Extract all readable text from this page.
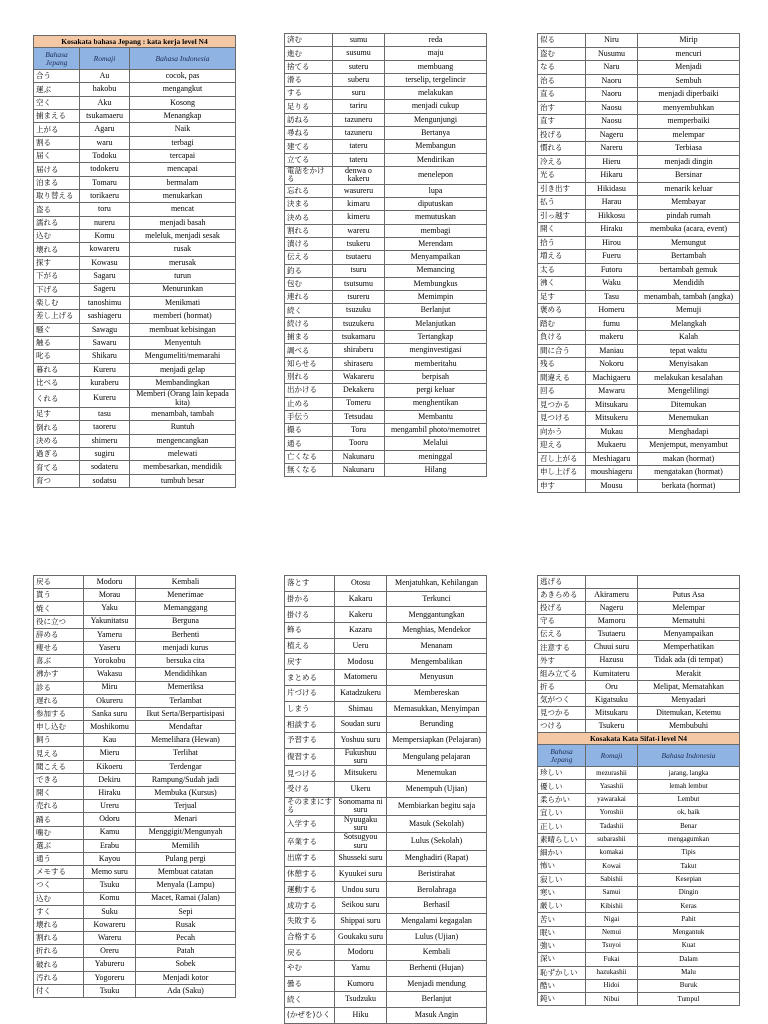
Kosakata bahasa Jepang : kata kerja level N4		
Bahasa Jepang	Romaji	Bahasa Indonesia
合う	Au	cocok, pas
運ぶ	hakobu	mengangkut
空く	Aku	Kosong
捕まえる	tsukamaeru	Menangkap
上がる	Agaru	Naik
割る	waru	terbagi
届く	Todoku	tercapai
届ける	todokeru	mencapai
泊まる	Tomaru	bermalam
取り替える	torikaeru	menukarkan
盗る	toru	mencat
濡れる	nureru	menjadi basah
込む	Komu	meleluk, menjadi sesak
壊れる	kowareru	rusak
探す	Kowasu	merusak
下がる	Sagaru	turun
下げる	Sageru	Menurunkan
楽しむ	tanoshimu	Menikmati
差し上げる	sashiageru	memberi (hormat)
騒ぐ	Sawagu	membuat kebisingan
触る	Sawaru	Menyentuh
叱る	Shikaru	Mengumeliti/memarahi
暮れる	Kureru	menjadi gelap
比べる	kuraberu	Membandingkan
くれる	Kureru	Memberi (Orang lain kepada kita)
足す	tasu	menambah, tambah
倒れる	taoreru	Runtuh
決める	shimeru	mengencangkan
過ぎる	sugiru	melewati
育てる	sodateru	membesarkan, mendidik
育つ	sodatsu	tumbuh besar
済む	sumu	reda
進む	susumu	maju
捨てる	suteru	membuang
滑る	suberu	terselip, tergelincir
する	suru	melakukan
足りる	tariru	menjadi cukup
訪ねる	tazuneru	Mengunjungi
尋ねる	tazuneru	Bertanya
建てる	tateru	Membangun
立てる	tateru	Mendirikan
電話をかける	denwa o kakeru	menelepon
忘れる	wasureru	lupa
決まる	kimaru	diputuskan
決める	kimeru	memutuskan
割れる	wareru	membagi
漬ける	tsukeru	Merendam
伝える	tsutaeru	Menyampaikan
釣る	tsuru	Memancing
包む	tsutsumu	Membungkus
連れる	tsureru	Memimpin
続く	tsuzuku	Berlanjut
続ける	tsuzukeru	Melanjutkan
捕まる	tsukamaru	Tertangkap
調べる	shiraberu	menginvestigasi
知らせる	shiraseru	memberitahu
別れる	Wakareru	berpisah
出かける	Dekakeru	pergi keluar
止める	Tomeru	menghentikan
手伝う	Tetsudau	Membantu
撮る	Toru	mengambil photo/memotret
通る	Tooru	Melalui
亡くなる	Nakunaru	meninggal
無くなる	Nakunaru	Hilang
似る	Niru	Mirip
盗む	Nusumu	mencuri
なる	Naru	Menjadi
治る	Naoru	Sembuh
直る	Naoru	menjadi diperbaiki
治す	Naosu	menyembuhkan
直す	Naosu	memperbaiki
投げる	Nageru	melempar
慣れる	Nareru	Terbiasa
冷える	Hieru	menjadi dingin
光る	Hikaru	Bersinar
引き出す	Hikidasu	menarik keluar
払う	Harau	Membayar
引っ越す	Hikkosu	pindah rumah
開く	Hiraku	membuka (acara, event)
拾う	Hirou	Memungut
増える	Fueru	Bertambah
太る	Futoru	bertambah gemuk
沸く	Waku	Mendidih
足す	Tasu	menambah, tambah (angka)
褒める	Homeru	Memuji
踏む	fumu	Melangkah
負ける	makeru	Kalah
間に合う	Maniau	tepat waktu
残る	Nokoru	Menyisakan
間違える	Machigaeru	melakukan kesalahan
回る	Mawaru	Mengelilingi
見つかる	Mitsukaru	Ditemukan
見つける	Mitsukeru	Menemukan
向かう	Mukau	Menghadapi
迎える	Mukaeru	Menjemput, menyambut
召し上がる	Meshiagaru	makan (hormat)
申し上げる	moushiageru	mengatakan (hormat)
申す	Mousu	berkata (hormat)
戻る	Modoru	Kembali
貰う	Morau	Menerimae
焼く	Yaku	Memanggang
役に立つ	Yakunitatsu	Berguna
辞める	Yameru	Berhenti
痩せる	Yaseru	menjadi kurus
喜ぶ	Yorokobu	bersuka cita
沸かす	Wakasu	Mendidihkan
診る	Miru	Memeriksa
遅れる	Okureru	Terlambat
参加する	Sanka suru	Ikut Serta/Berpartisipasi
申し込む	Moshikomu	Mendaftar
飼う	Kau	Memelihara (Hewan)
見える	Mieru	Terlihat
聞こえる	Kikoeru	Terdengar
できる	Dekiru	Rampung/Sudah jadi
開く	Hiraku	Membuka (Kursus)
売れる	Ureru	Terjual
踊る	Odoru	Menari
噛む	Kamu	Menggigit/Mengunyah
選ぶ	Erabu	Memilih
通う	Kayou	Pulang pergi
メモする	Memo suru	Membuat catatan
つく	Tsuku	Menyala (Lampu)
込む	Komu	Macet, Ramai (Jalan)
すく	Suku	Sepi
壊れる	Kowareru	Rusak
割れる	Wareru	Pecah
折れる	Oreru	Patah
破れる	Yabureru	Sobek
汚れる	Yogoreru	Menjadi kotor
付く	Tsuku	Ada (Saku)
落とす	Otosu	Menjatuhkan, Kehilangan
掛かる	Kakaru	Terkunci
掛ける	Kakeru	Menggantungkan
飾る	Kazaru	Menghias, Mendekor
植える	Ueru	Menanam
戻す	Modosu	Mengembalikan
まとめる	Matomeru	Menyusun
片づける	Katadzukeru	Membereskan
しまう	Shimau	Memasukkan, Menyimpan
相談する	Soudan suru	Berunding
予習する	Yoshuu suru	Mempersiapkan (Pelajaran)
復習する	Fukushuu suru	Mengulang pelajaran
見つける	Mitsukeru	Menemukan
受ける	Ukeru	Menempuh (Ujian)
そのままにする	Sonomama ni suru	Membiarkan begitu saja
入学する	Nyuugaku suru	Masuk (Sekolah)
卒業する	Sotsugyou suru	Lulus (Sekolah)
出席する	Shusseki suru	Menghadiri (Rapat)
休憩する	Kyuukei suru	Beristirahat
運動する	Undou suru	Berolahraga
成功する	Seikou suru	Berhasil
失敗する	Shippai suru	Mengalami kegagalan
合格する	Goukaku suru	Lulus (Ujian)
戻る	Modoru	Kembali
やむ	Yamu	Berhenti (Hujan)
曇る	Kumoru	Menjadi mendung
続く	Tsudzuku	Berlanjut
(かぜを)ひく	Hiku	Masuk Angin
逃げる		
あきらめる	Akirameru	Putus Asa
投げる	Nageru	Melempar
守る	Mamoru	Mematuhi
伝える	Tsutaeru	Menyampaikan
注意する	Chuui suru	Memperhatikan
外す	Hazusu	Tidak ada (di tempat)
組み立てる	Kumitateru	Merakit
折る	Oru	Melipat, Mematahkan
気がつく	Kigatsuku	Menyadari
見つかる	Mitsukaru	Ditemukan, Ketemu
つける	Tsukeru	Membubuhi
Kosakata Kata Sifat-i level N4		
Bahasa Jepang	Romaji	Bahasa Indonesia
珍しい	mezurashii	jarang, langka
優しい	Yasashii	lemah lembut
柔らかい	yawarakai	Lembut
宜しい	Yoroshii	ok, baik
正しい	Tadashii	Benar
素晴らしい	subarashii	mengagumkan
細かい	komakai	Tipis
怖い	Kowai	Takut
寂しい	Sabishii	Kesepian
寒い	Samui	Dingin
厳しい	Kibishii	Keras
苦い	Nigai	Pahit
眠い	Nemui	Mengantuk
強い	Tsuyoi	Kuat
深い	Fukai	Dalam
恥ずかしい	hazukashii	Malu
酷い	Hidoi	Buruk
鈍い	Nibui	Tumpul
